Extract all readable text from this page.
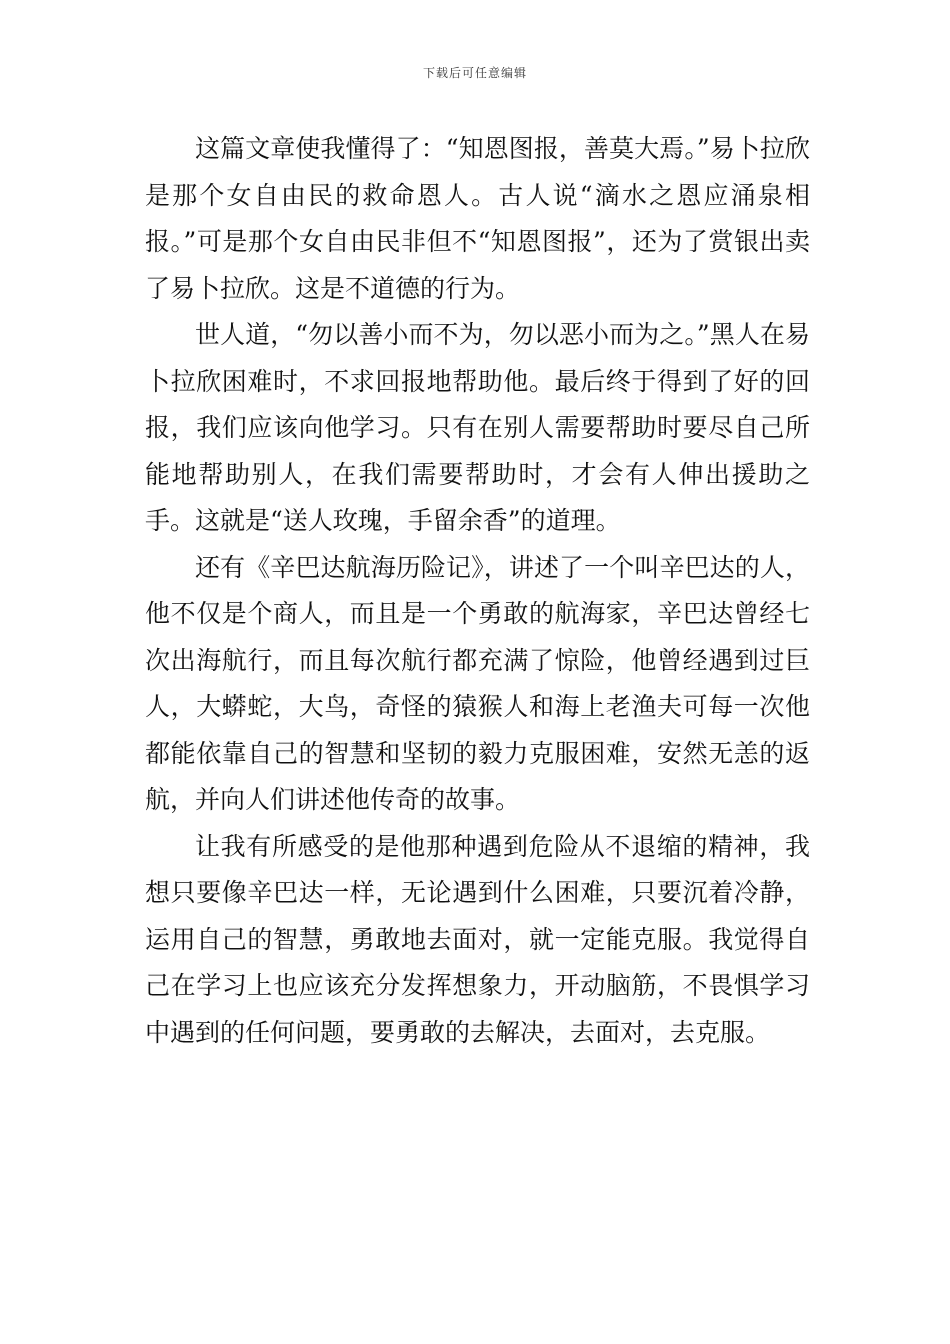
下载后可任意编辑

这篇文章使我懂得了：“知恩图报，善莫大焉。”易卜拉欣是那个女自由民的救命恩人。古人说“滴水之恩应涌泉相报。”可是那个女自由民非但不“知恩图报”，还为了赏银出卖了易卜拉欣。这是不道德的行为。

世人道，“勿以善小而不为，勿以恶小而为之。”黑人在易卜拉欣困难时，不求回报地帮助他。最后终于得到了好的回报，我们应该向他学习。只有在别人需要帮助时要尽自己所能地帮助别人，在我们需要帮助时，才会有人伸出援助之手。这就是“送人玫瑰，手留余香”的道理。

还有《辛巴达航海历险记》，讲述了一个叫辛巴达的人，他不仅是个商人，而且是一个勇敢的航海家，辛巴达曾经七次出海航行，而且每次航行都充满了惊险，他曾经遇到过巨人，大蟒蛇，大鸟，奇怪的猿猴人和海上老渔夫可每一次他都能依靠自己的智慧和坚韧的毅力克服困难，安然无恙的返航，并向人们讲述他传奇的故事。

让我有所感受的是他那种遇到危险从不退缩的精神，我想只要像辛巴达一样，无论遇到什么困难，只要沉着冷静，运用自己的智慧，勇敢地去面对，就一定能克服。我觉得自己在学习上也应该充分发挥想象力，开动脑筋，不畏惧学习中遇到的任何问题，要勇敢的去解决，去面对，去克服。
